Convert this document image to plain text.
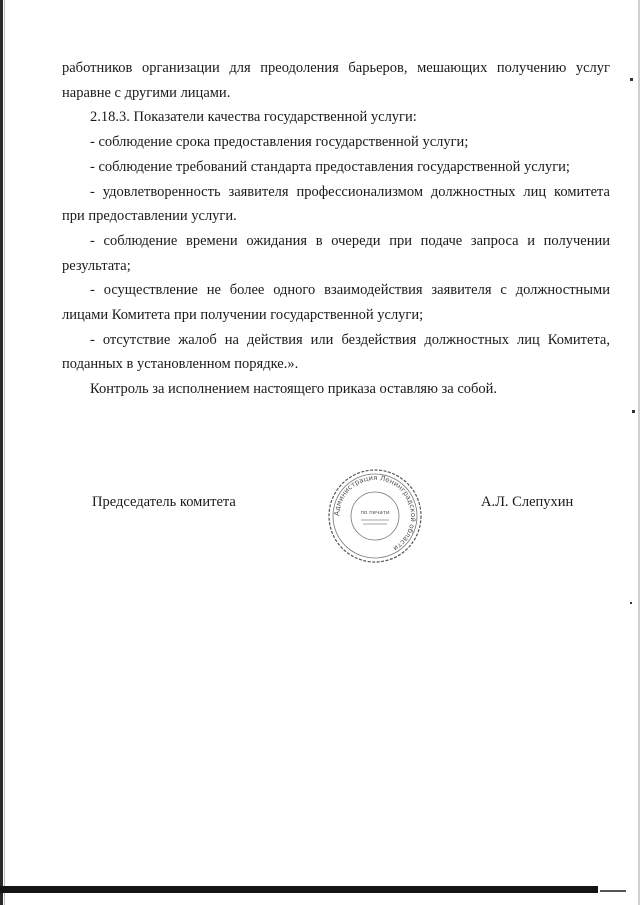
работников организации для преодоления барьеров, мешающих получению услуг наравне с другими лицами.

2.18.3. Показатели качества государственной услуги:

- соблюдение срока предоставления государственной услуги;

- соблюдение требований стандарта предоставления государственной услуги;

- удовлетворенность заявителя профессионализмом должностных лиц комитета при предоставлении услуги.

- соблюдение времени ожидания в очереди при подаче запроса и получении результата;

- осуществление не более одного взаимодействия заявителя с должностными лицами Комитета при получении государственной услуги;

- отсутствие жалоб на действия или бездействия должностных лиц Комитета, поданных в установленном порядке.».

Контроль за исполнением настоящего приказа оставляю за собой.

Председатель комитета	А.Л. Слепухин
Администрация Ленинградской области
по печати
